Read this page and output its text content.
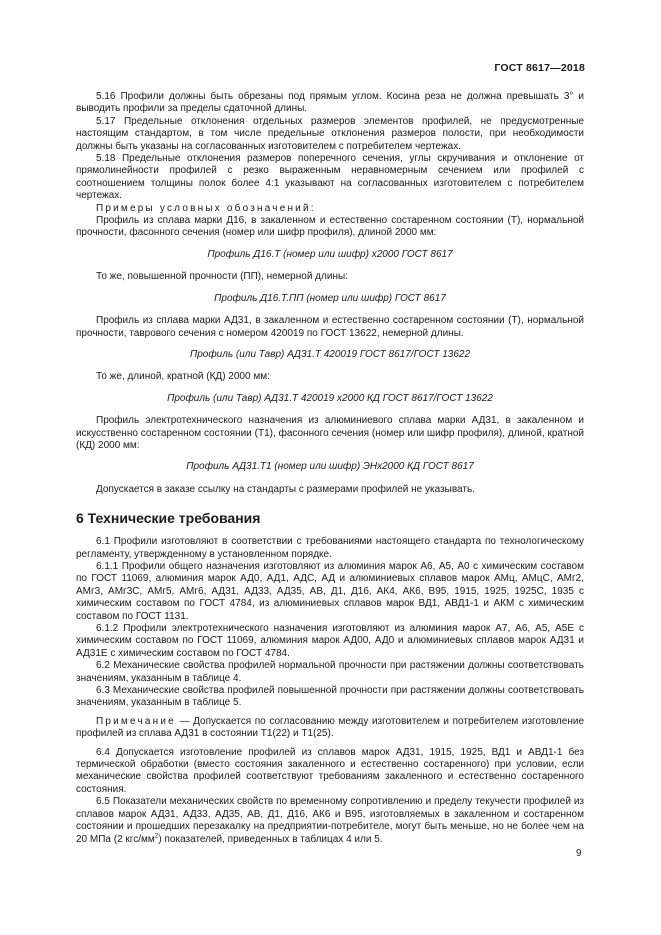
ГОСТ 8617—2018

5.16 Профили должны быть обрезаны под прямым углом. Косина реза не должна превышать 3° и выводить профили за пределы сдаточной длины.

5.17 Предельные отклонения отдельных размеров элементов профилей, не предусмотренные настоящим стандартом, в том числе предельные отклонения размеров полости, при необходимости должны быть указаны на согласованных изготовителем с потребителем чертежах.

5.18 Предельные отклонения размеров поперечного сечения, углы скручивания и отклонение от прямолинейности профилей с резко выраженным неравномерным сечением или профилей с соотношением толщины полок более 4:1 указывают на согласованных изготовителем с потребителем чертежах.

Примеры условных обозначений:

Профиль из сплава марки Д16, в закаленном и естественно состаренном состоянии (Т), нормальной прочности, фасонного сечения (номер или шифр профиля), длиной 2000 мм:

Профиль Д16.Т (номер или шифр) х2000 ГОСТ 8617

То же, повышенной прочности (ПП), немерной длины:

Профиль Д16.Т.ПП (номер или шифр) ГОСТ 8617

Профиль из сплава марки АД31, в закаленном и естественно состаренном состоянии (Т), нормальной прочности, таврового сечения с номером 420019 по ГОСТ 13622, немерной длины.

Профиль (или Тавр) АД31.Т 420019 ГОСТ 8617/ГОСТ 13622

То же, длиной, кратной (КД) 2000 мм:

Профиль (или Тавр) АД31.Т 420019 х2000 КД ГОСТ 8617/ГОСТ 13622

Профиль электротехнического назначения из алюминиевого сплава марки АД31, в закаленном и искусственно состаренном состоянии (Т1), фасонного сечения (номер или шифр профиля), длиной, кратной (КД) 2000 мм:

Профиль АД31.Т1 (номер или шифр) ЭНх2000 КД ГОСТ 8617

Допускается в заказе ссылку на стандарты с размерами профилей не указывать.

6 Технические требования

6.1 Профили изготовляют в соответствии с требованиями настоящего стандарта по технологическому регламенту, утвержденному в установленном порядке.

6.1.1 Профили общего назначения изготовляют из алюминия марок А6, А5, А0 с химическим составом по ГОСТ 11069, алюминия марок АД0, АД1, АДС, АД и алюминиевых сплавов марок АМц, АМцС, АМг2, АМг3, АМг3С, АМг5, АМг6, АД31, АД33, АД35, АВ, Д1, Д16, АК4, АК6, В95, 1915, 1925, 1925С, 1935 с химическим составом по ГОСТ 4784, из алюминиевых сплавов марок ВД1, АВД1-1 и АКМ с химическим составом по ГОСТ 1131.

6.1.2 Профили электротехнического назначения изготовляют из алюминия марок А7, А6, А5, А5Е с химическим составом по ГОСТ 11069, алюминия марок АД00, АД0 и алюминиевых сплавов марок АД31 и АД31Е с химическим составом по ГОСТ 4784.

6.2 Механические свойства профилей нормальной прочности при растяжении должны соответствовать значениям, указанным в таблице 4.

6.3 Механические свойства профилей повышенной прочности при растяжении должны соответствовать значениям, указанным в таблице 5.

Примечание — Допускается по согласованию между изготовителем и потребителем изготовление профилей из сплава АД31 в состоянии Т1(22) и Т1(25).

6.4 Допускается изготовление профилей из сплавов марок АД31, 1915, 1925, ВД1 и АВД1-1 без термической обработки (вместо состояния закаленного и естественно состаренного) при условии, если механические свойства профилей соответствуют требованиям закаленного и естественно состаренного состояния.

6.5 Показатели механических свойств по временному сопротивлению и пределу текучести профилей из сплавов марок АД31, АД33, АД35, АВ, Д1, Д16, АК6 и В95, изготовляемых в закаленном и состаренном состоянии и прошедших перезакалку на предприятии-потребителе, могут быть меньше, но не более чем на 20 МПа (2 кгс/$мм^2$) показателей, приведенных в таблицах 4 или 5.

9
